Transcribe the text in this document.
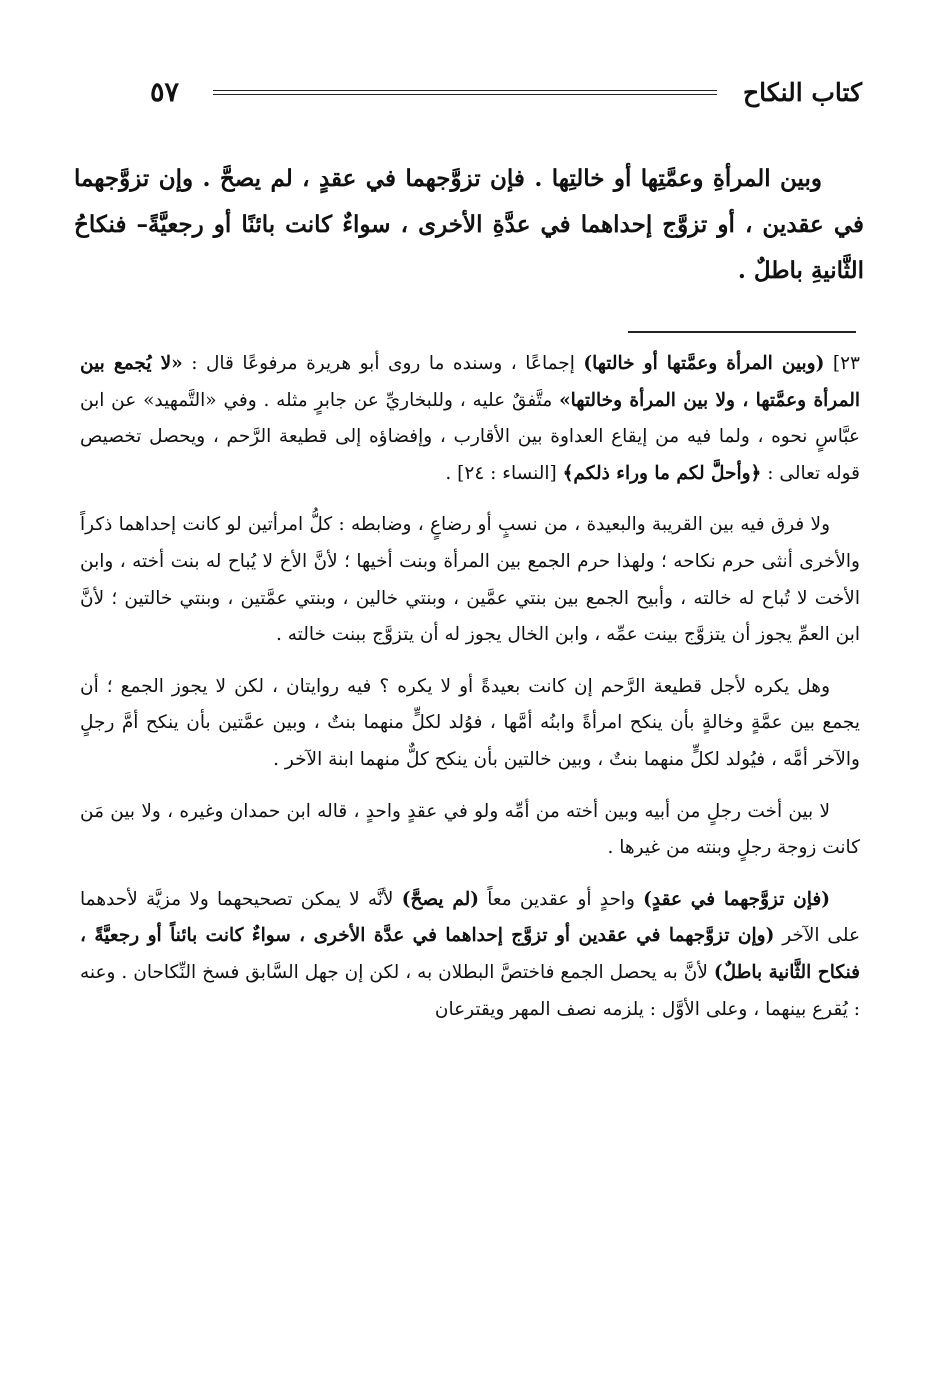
كتاب النكاح
٥٧

وبين المرأةِ وعمَّتِها أو خالتِها . فإن تزوَّجهما في عقدٍ ، لم يصحَّ . وإن تزوَّجهما في عقدين ، أو تزوَّج إحداهما في عدَّةِ الأخرى ، سواءٌ كانت بائنًا أو رجعيَّةً– فنكاحُ الثَّانيةِ باطلٌ .

٢٣] (وبين المرأة وعمَّتها أو خالتها) إجماعًا ، وسنده ما روى أبو هريرة مرفوعًا قال : «لا يُجمع بين المرأة وعمَّتها ، ولا بين المرأة وخالتها» متَّفقٌ عليه ، وللبخاريِّ عن جابرٍ مثله . وفي «التَّمهيد» عن ابن عبَّاسٍ نحوه ، ولما فيه من إيقاع العداوة بين الأقارب ، وإفضاؤه إلى قطيعة الرَّحم ، ويحصل تخصيص قوله تعالى : ﴿وأحلَّ لكم ما وراء ذلكم﴾ [النساء : ٢٤] .

ولا فرق فيه بين القريبة والبعيدة ، من نسبٍ أو رضاعٍ ، وضابطه : كلُّ امرأتين لو كانت إحداهما ذكراً والأخرى أنثى حرم نكاحه ؛ ولهذا حرم الجمع بين المرأة وبنت أخيها ؛ لأنَّ الأخ لا يُباح له بنت أخته ، وابن الأخت لا تُباح له خالته ، وأبيح الجمع بين بنتي عمَّين ، وبنتي خالين ، وبنتي عمَّتين ، وبنتي خالتين ؛ لأنَّ ابن العمِّ يجوز أن يتزوَّج بينت عمِّه ، وابن الخال يجوز له أن يتزوَّج ببنت خالته .

وهل يكره لأجل قطيعة الرَّحم إن كانت بعيدةً أو لا يكره ؟ فيه روايتان ، لكن لا يجوز الجمع ؛ أن يجمع بين عمَّةٍ وخالةٍ بأن ينكح امرأةً وابنُه أمَّها ، فوُلد لكلٍّ منهما بنتٌ ، وبين عمَّتين بأن ينكح أمَّ رجلٍ والآخر أمَّه ، فيُولد لكلٍّ منهما بنتٌ ، وبين خالتين بأن ينكح كلٌّ منهما ابنة الآخر .

لا بين أخت رجلٍ من أبيه وبين أخته من أمِّه ولو في عقدٍ واحدٍ ، قاله ابن حمدان وغيره ، ولا بين مَن كانت زوجة رجلٍ وبنته من غيرها .

(فإن تزوَّجهما في عقدٍ) واحدٍ أو عقدين معاً (لم يصحَّ) لأنَّه لا يمكن تصحيحهما ولا مزيَّة لأحدهما على الآخر (وإن تزوَّجهما في عقدين أو تزوَّج إحداهما في عدَّة الأخرى ، سواءٌ كانت بائناً أو رجعيَّةً ، فنكاح الثَّانية باطلٌ) لأنَّ به يحصل الجمع فاختصَّ البطلان به ، لكن إن جهل السَّابق فسخ النِّكاحان . وعنه : يُقرع بينهما ، وعلى الأوَّل : يلزمه نصف المهر ويقترعان
